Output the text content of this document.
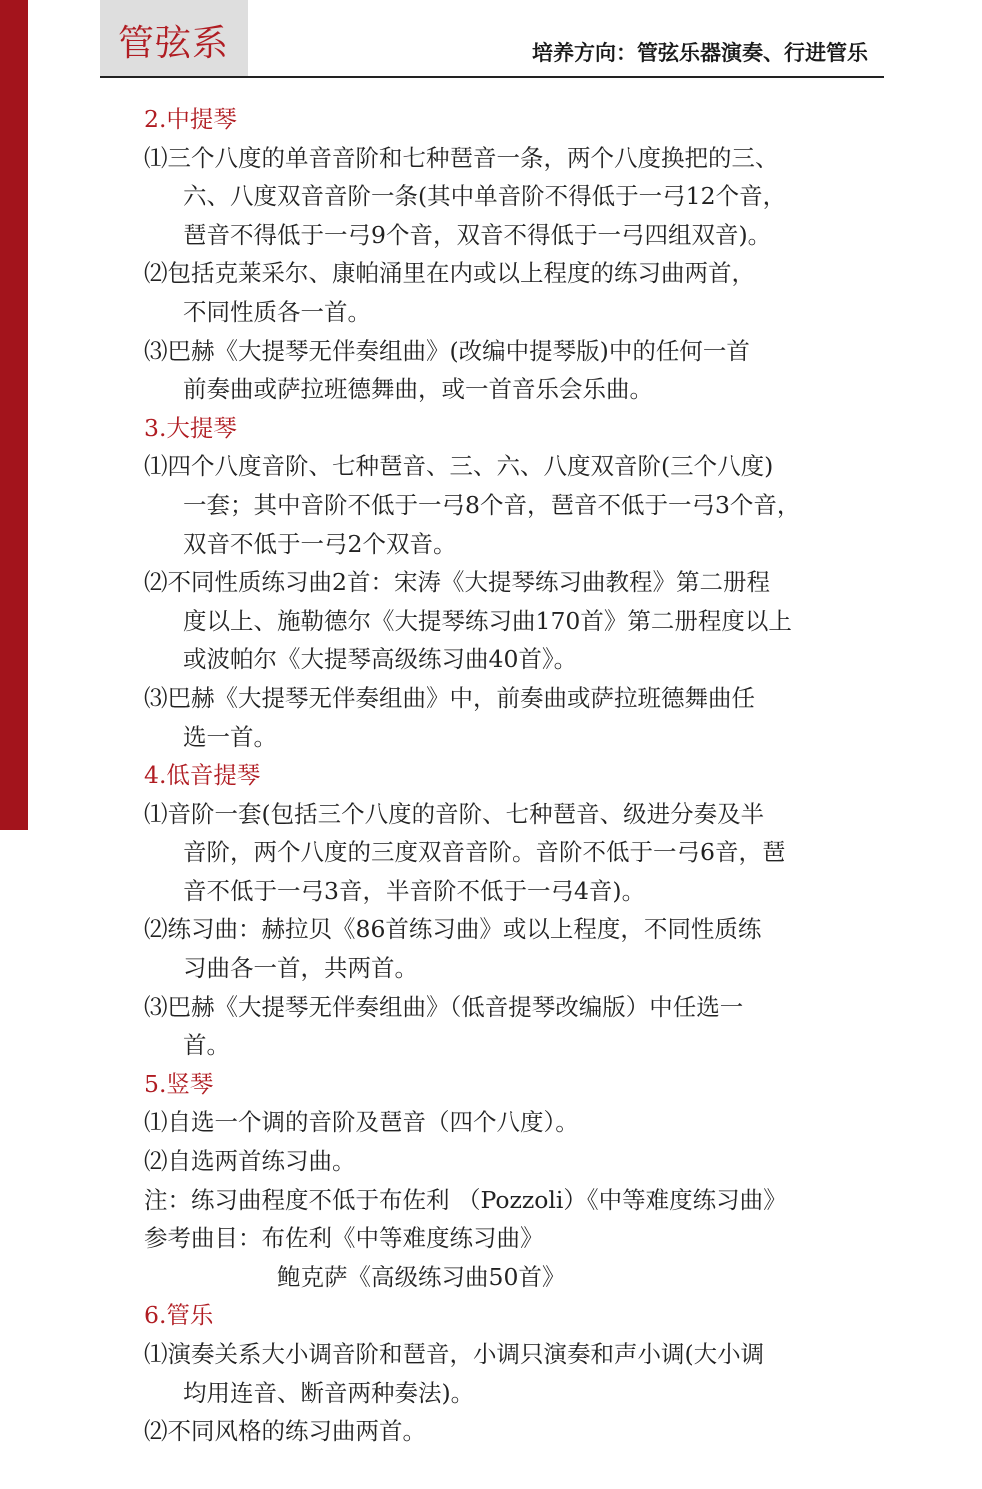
管弦系	培养方向：管弦乐器演奏、行进管乐
2.中提琴
⑴三个八度的单音音阶和七种琶音一条，两个八度换把的三、
六、八度双音音阶一条(其中单音阶不得低于一弓12个音，
琶音不得低于一弓9个音，双音不得低于一弓四组双音)。
⑵包括克莱采尔、康帕涌里在内或以上程度的练习曲两首，
不同性质各一首。
⑶巴赫《大提琴无伴奏组曲》(改编中提琴版)中的任何一首
前奏曲或萨拉班德舞曲，或一首音乐会乐曲。
3.大提琴
⑴四个八度音阶、七种琶音、三、六、八度双音阶(三个八度)
一套；其中音阶不低于一弓8个音，琶音不低于一弓3个音，
双音不低于一弓2个双音。
⑵不同性质练习曲2首：宋涛《大提琴练习曲教程》第二册程
度以上、施勒德尔《大提琴练习曲170首》第二册程度以上
或波帕尔《大提琴高级练习曲40首》。
⑶巴赫《大提琴无伴奏组曲》中，前奏曲或萨拉班德舞曲任
选一首。
4.低音提琴
⑴音阶一套(包括三个八度的音阶、七种琶音、级进分奏及半
音阶，两个八度的三度双音音阶。音阶不低于一弓6音，琶
音不低于一弓3音，半音阶不低于一弓4音)。
⑵练习曲：赫拉贝《86首练习曲》或以上程度，不同性质练
习曲各一首，共两首。
⑶巴赫《大提琴无伴奏组曲》（低音提琴改编版）中任选一
首。
5.竖琴
⑴自选一个调的音阶及琶音（四个八度）。
⑵自选两首练习曲。
注：练习曲程度不低于布佐利 （Pozzoli）《中等难度练习曲》
参考曲目：布佐利《中等难度练习曲》
鲍克萨《高级练习曲50首》
6.管乐
⑴演奏关系大小调音阶和琶音，小调只演奏和声小调(大小调
均用连音、断音两种奏法)。
⑵不同风格的练习曲两首。
